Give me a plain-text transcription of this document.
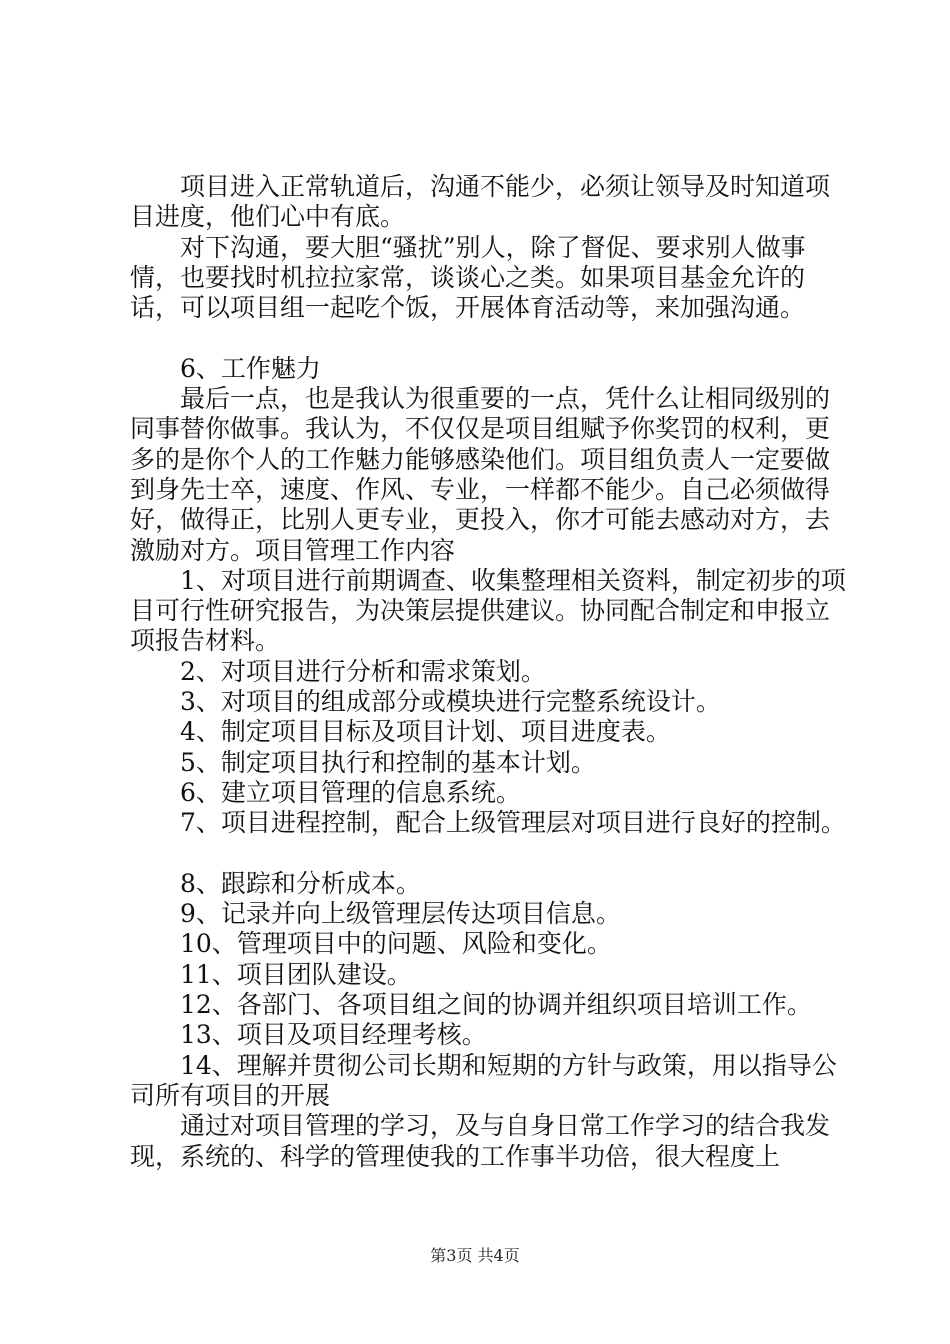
项目进入正常轨道后，沟通不能少，必须让领导及时知道项目进度，他们心中有底。

对下沟通，要大胆“骚扰”别人，除了督促、要求别人做事情，也要找时机拉拉家常，谈谈心之类。如果项目基金允许的话，可以项目组一起吃个饭，开展体育活动等，来加强沟通。

6、工作魅力

最后一点，也是我认为很重要的一点，凭什么让相同级别的同事替你做事。我认为，不仅仅是项目组赋予你奖罚的权利，更多的是你个人的工作魅力能够感染他们。项目组负责人一定要做到身先士卒，速度、作风、专业，一样都不能少。自己必须做得好，做得正，比别人更专业，更投入，你才可能去感动对方，去激励对方。项目管理工作内容

1、对项目进行前期调查、收集整理相关资料，制定初步的项目可行性研究报告，为决策层提供建议。协同配合制定和申报立项报告材料。

2、对项目进行分析和需求策划。

3、对项目的组成部分或模块进行完整系统设计。

4、制定项目目标及项目计划、项目进度表。

5、制定项目执行和控制的基本计划。

6、建立项目管理的信息系统。

7、项目进程控制，配合上级管理层对项目进行良好的控制。

8、跟踪和分析成本。

9、记录并向上级管理层传达项目信息。

10、管理项目中的问题、风险和变化。

11、项目团队建设。

12、各部门、各项目组之间的协调并组织项目培训工作。

13、项目及项目经理考核。

14、理解并贯彻公司长期和短期的方针与政策，用以指导公司所有项目的开展

通过对项目管理的学习，及与自身日常工作学习的结合我发现，系统的、科学的管理使我的工作事半功倍，很大程度上

第3页 共4页
